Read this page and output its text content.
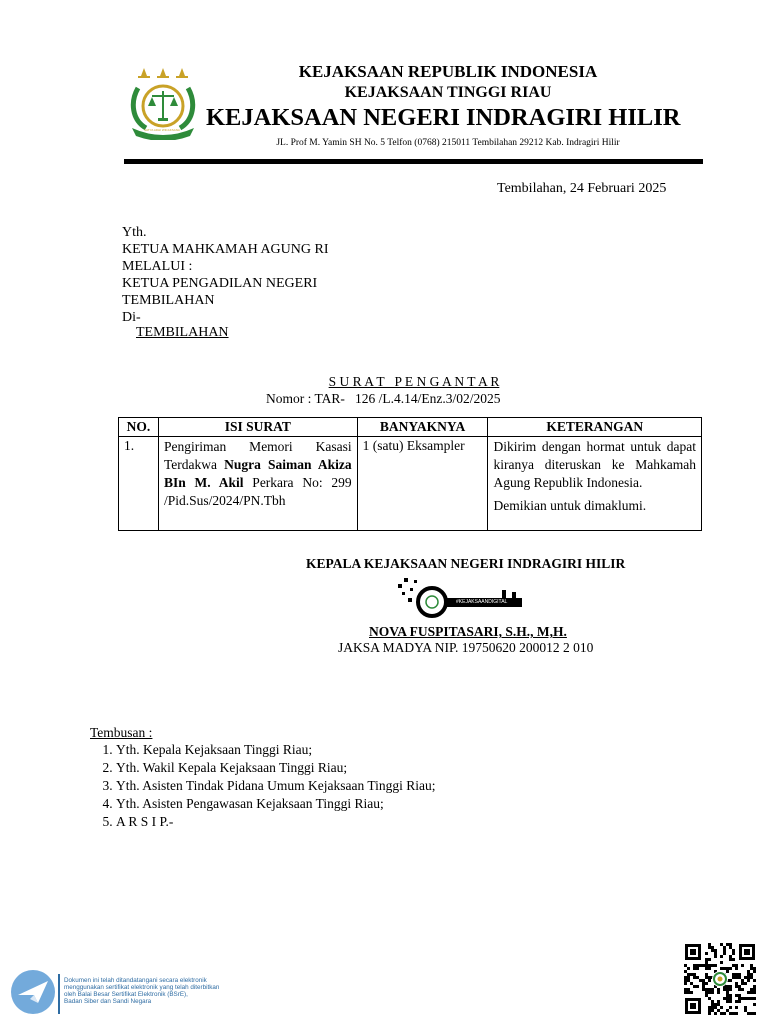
SATYA ADHI WICAKSANA
KEJAKSAAN REPUBLIK INDONESIA
KEJAKSAAN TINGGI RIAU
KEJAKSAAN NEGERI INDRAGIRI HILIR
JL. Prof M. Yamin SH No. 5 Telfon (0768) 215011 Tembilahan 29212 Kab. Indragiri Hilir
Tembilahan, 24 Februari 2025
Yth.
KETUA MAHKAMAH AGUNG RI
MELALUI :
KETUA PENGADILAN NEGERI
TEMBILAHAN
Di-
TEMBILAHAN
S U R A T   P E N G A N T A R
Nomor : TAR-   126 /L.4.14/Enz.3/02/2025
NO.	ISI SURAT	BANYAKNYA	KETERANGAN
1.	Pengiriman Memori Kasasi Terdakwa Nugra Saiman Akiza BIn M. Akil Perkara No: 299 /Pid.Sus/2024/PN.Tbh	1 (satu) Eksampler	Dikirim dengan hormat untuk dapat kiranya diteruskan ke Mahkamah Agung Republik Indonesia.
Demikian untuk dimaklumi.
KEPALA KEJAKSAAN NEGERI INDRAGIRI HILIR
#KEJAKSAANDIGITAL
NOVA FUSPITASARI, S.H., M,H.
JAKSA MADYA NIP. 19750620 200012 2 010
Tembusan :
1. Yth. Kepala Kejaksaan Tinggi Riau;
2. Yth. Wakil Kepala Kejaksaan Tinggi Riau;
3. Yth. Asisten Tindak Pidana Umum Kejaksaan Tinggi Riau;
4. Yth. Asisten Pengawasan Kejaksaan Tinggi Riau;
5. A R S I P.-
Dokumen ini telah ditandatangani secara elektronik
menggunakan sertifikat elektronik yang telah diterbitkan
oleh Balai Besar Sertifikat Elektronik (BSrE),
Badan Siber dan Sandi Negara
